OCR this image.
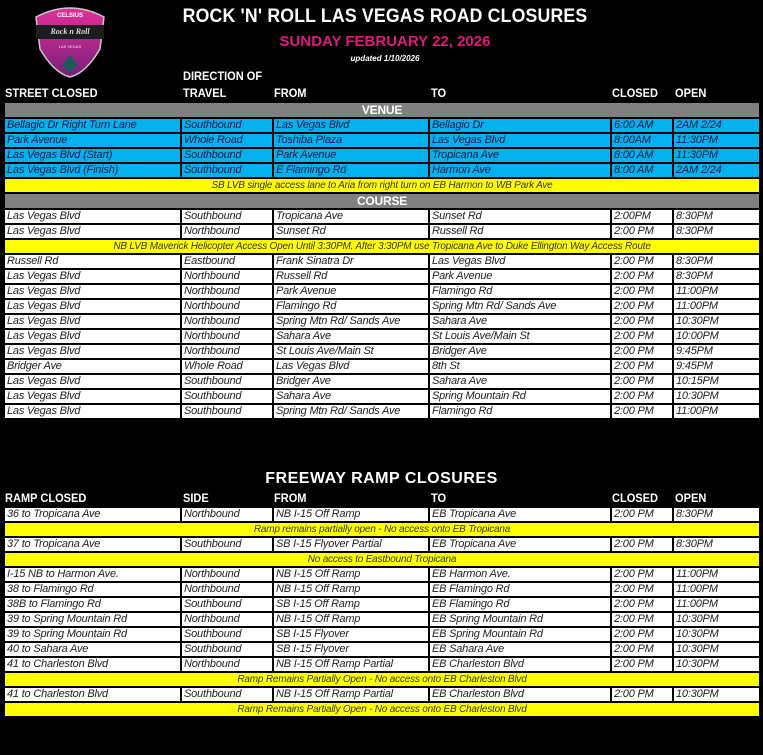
CELSIUS
Rock n Roll
LAS VEGAS
ROCK 'N' ROLL LAS VEGAS ROAD CLOSURES
SUNDAY FEBRUARY 22, 2026
updated 1/10/2026
DIRECTION OF
STREET CLOSED	TRAVEL	FROM	TO	CLOSED OPEN
VENUE					
Bellagio Dr Right Turn Lane	Southbound	Las Vegas Blvd	Bellagio Dr	6:00 AM	2AM 2/24
Park Avenue	Whole Road	Toshiba Plaza	Las Vegas Blvd	8:00AM	11:30PM
Las Vegas Blvd (Start)	Southbound	Park Avenue	Tropicana Ave	8:00 AM	11:30PM
Las Vegas Blvd (Finish)	Southbound	E Flamingo Rd	Harmon Ave	8:00 AM	2AM 2/24
SB LVB single access lane to Aria from right turn on EB Harmon to WB Park Ave					
COURSE					
Las Vegas Blvd	Southbound	Tropicana Ave	Sunset Rd	2:00PM	8:30PM
Las Vegas Blvd	Northbound	Sunset Rd	Russell Rd	2:00 PM	8:30PM
NB LVB Maverick Helicopter Access Open Until 3:30PM. After 3:30PM use Tropicana Ave to Duke Ellington Way Access Route					
Russell Rd	Eastbound	Frank Sinatra Dr	Las Vegas Blvd	2:00 PM	8:30PM
Las Vegas Blvd	Northbound	Russell Rd	Park Avenue	2:00 PM	8:30PM
Las Vegas Blvd	Northbound	Park Avenue	Flamingo Rd	2:00 PM	11:00PM
Las Vegas Blvd	Northbound	Flamingo Rd	Spring Mtn Rd/ Sands Ave	2:00 PM	11:00PM
Las Vegas Blvd	Northbound	Spring Mtn Rd/ Sands Ave	Sahara Ave	2:00 PM	10:30PM
Las Vegas Blvd	Northbound	Sahara Ave	St Louis Ave/Main St	2:00 PM	10:00PM
Las Vegas Blvd	Northbound	St Louis Ave/Main St	Bridger Ave	2:00 PM	9:45PM
Bridger Ave	Whole Road	Las Vegas Blvd	8th St	2:00 PM	9:45PM
Las Vegas Blvd	Southbound	Bridger Ave	Sahara Ave	2:00 PM	10:15PM
Las Vegas Blvd	Southbound	Sahara Ave	Spring Mountain Rd	2:00 PM	10:30PM
Las Vegas Blvd	Southbound	Spring Mtn Rd/ Sands Ave	Flamingo Rd	2:00 PM	11:00PM
FREEWAY RAMP CLOSURES
RAMP CLOSED	SIDE	FROM	TO	CLOSED OPEN
36 to Tropicana Ave	Northbound	NB I-15 Off Ramp	EB Tropicana Ave	2:00 PM	8:30PM
Ramp remains partially open - No access onto EB Tropicana					
37 to Tropicana Ave	Southbound	SB I-15 Flyover Partial	EB Tropicana Ave	2:00 PM	8:30PM
No access to Eastbound Tropicana					
I-15 NB to Harmon Ave.	Northbound	NB I-15 Off Ramp	EB Harmon Ave.	2:00 PM	11:00PM
38 to Flamingo Rd	Northbound	NB I-15 Off Ramp	EB Flamingo Rd	2:00 PM	11:00PM
38B to Flamingo Rd	Southbound	SB I-15 Off Ramp	EB Flamingo Rd	2:00 PM	11:00PM
39 to Spring Mountain Rd	Northbound	NB I-15 Off Ramp	EB Spring Mountain Rd	2:00 PM	10:30PM
39 to Spring Mountain Rd	Southbound	SB I-15 Flyover	EB Spring Mountain Rd	2:00 PM	10:30PM
40 to Sahara Ave	Southbound	SB I-15 Flyover	EB Sahara Ave	2:00 PM	10:30PM
41 to Charleston Blvd	Northbound	NB I-15 Off Ramp Partial	EB Charleston Blvd	2:00 PM	10:30PM
Ramp Remains Partially Open - No access onto EB Charleston Blvd					
41 to Charleston Blvd	Southbound	NB I-15 Off Ramp Partial	EB Charleston Blvd	2:00 PM	10:30PM
Ramp Remains Partially Open - No access onto EB Charleston Blvd					
